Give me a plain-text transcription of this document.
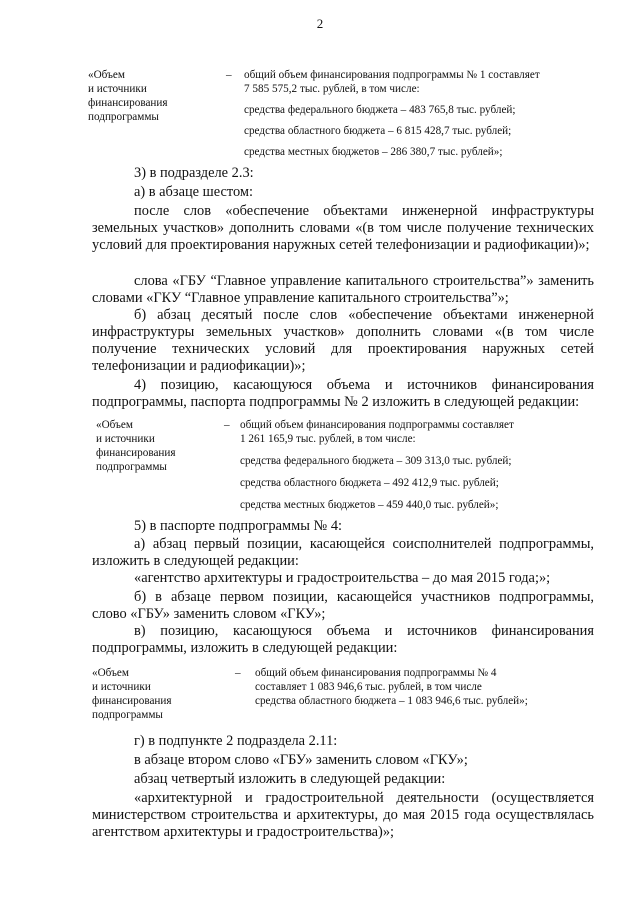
2
«Объем
и источники
финансирования
подпрограммы
– общий объем финансирования подпрограммы № 1 составляет
7 585 575,2 тыс. рублей, в том числе:
средства федерального бюджета – 483 765,8 тыс. рублей;
средства областного бюджета – 6 815 428,7 тыс. рублей;
средства местных бюджетов – 286 380,7 тыс. рублей»;

3) в подразделе 2.3:

а) в абзаце шестом:

после слов «обеспечение объектами инженерной инфраструктуры земельных участков» дополнить словами «(в том числе получение технических условий для проектирования наружных сетей телефонизации и радиофикации)»;

слова «ГБУ “Главное управление капитального строительства”» заменить словами «ГКУ “Главное управление капитального строительства”»;

б) абзац десятый после слов «обеспечение объектами инженерной инфраструктуры земельных участков» дополнить словами «(в том числе получение технических условий для проектирования наружных сетей телефонизации и радиофикации)»;

4) позицию, касающуюся объема и источников финансирования подпрограммы, паспорта подпрограммы № 2 изложить в следующей редакции:

«Объем
и источники
финансирования
подпрограммы
– общий объем финансирования подпрограммы составляет
1 261 165,9 тыс. рублей, в том числе:
средства федерального бюджета – 309 313,0 тыс. рублей;
средства областного бюджета – 492 412,9 тыс. рублей;
средства местных бюджетов – 459 440,0 тыс. рублей»;

5) в паспорте подпрограммы № 4:

а) абзац первый позиции, касающейся соисполнителей подпрограммы, изложить в следующей редакции:

«агентство архитектуры и градостроительства – до мая 2015 года;»;

б) в абзаце первом позиции, касающейся участников подпрограммы, слово «ГБУ» заменить словом «ГКУ»;

в) позицию, касающуюся объема и источников финансирования подпрограммы, изложить в следующей редакции:

«Объем
и источники
финансирования
подпрограммы
– общий объем финансирования подпрограммы № 4
составляет 1 083 946,6 тыс. рублей, в том числе
средства областного бюджета – 1 083 946,6 тыс. рублей»;

г) в подпункте 2 подраздела 2.11:

в абзаце втором слово «ГБУ» заменить словом «ГКУ»;

абзац четвертый изложить в следующей редакции:

«архитектурной и градостроительной деятельности (осуществляется министерством строительства и архитектуры, до мая 2015 года осуществлялась агентством архитектуры и градостроительства)»;
